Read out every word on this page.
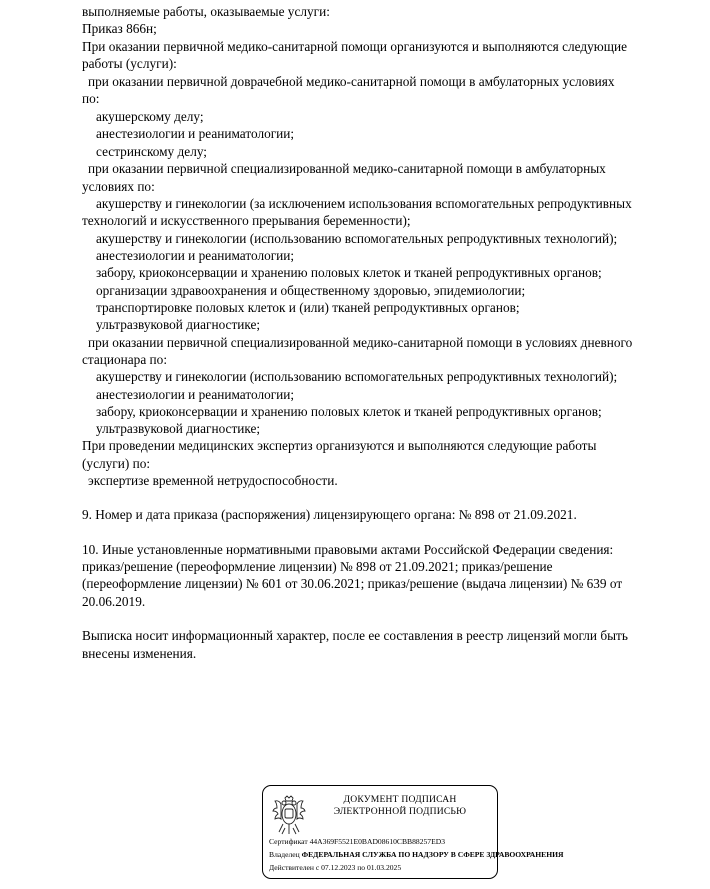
выполняемые работы, оказываемые услуги:
Приказ 866н;
При оказании первичной медико-санитарной помощи организуются и выполняются следующие
работы (услуги):
при оказании первичной доврачебной медико-санитарной помощи в амбулаторных условиях
по:
акушерскому делу;
анестезиологии и реаниматологии;
сестринскому делу;
при оказании первичной специализированной медико-санитарной помощи в амбулаторных
условиях по:
акушерству и гинекологии (за исключением использования вспомогательных репродуктивных
технологий и искусственного прерывания беременности);
акушерству и гинекологии (использованию вспомогательных репродуктивных технологий);
анестезиологии и реаниматологии;
забору, криоконсервации и хранению половых клеток и тканей репродуктивных органов;
организации здравоохранения и общественному здоровью, эпидемиологии;
транспортировке половых клеток и (или) тканей репродуктивных органов;
ультразвуковой диагностике;
при оказании первичной специализированной медико-санитарной помощи в условиях дневного
стационара по:
акушерству и гинекологии (использованию вспомогательных репродуктивных технологий);
анестезиологии и реаниматологии;
забору, криоконсервации и хранению половых клеток и тканей репродуктивных органов;
ультразвуковой диагностике;
При проведении медицинских экспертиз организуются и выполняются следующие работы
(услуги) по:
экспертизе временной нетрудоспособности.
9. Номер и дата приказа (распоряжения) лицензирующего органа: № 898 от 21.09.2021.
10. Иные установленные нормативными правовыми актами Российской Федерации сведения:
приказ/решение (переоформление лицензии) № 898 от 21.09.2021; приказ/решение
(переоформление лицензии) № 601 от 30.06.2021; приказ/решение (выдача лицензии) № 639 от
20.06.2019.
Выписка носит информационный характер, после ее составления в реестр лицензий могли быть
внесены изменения.
ДОКУМЕНТ ПОДПИСАН
ЭЛЕКТРОННОЙ ПОДПИСЬЮ
Сертификат 44A369F5521E0BAD08610CBB88257ED3
Владелец ФЕДЕРАЛЬНАЯ СЛУЖБА ПО НАДЗОРУ В СФЕРЕ ЗДРАВООХРАНЕНИЯ
Действителен с 07.12.2023 по 01.03.2025
